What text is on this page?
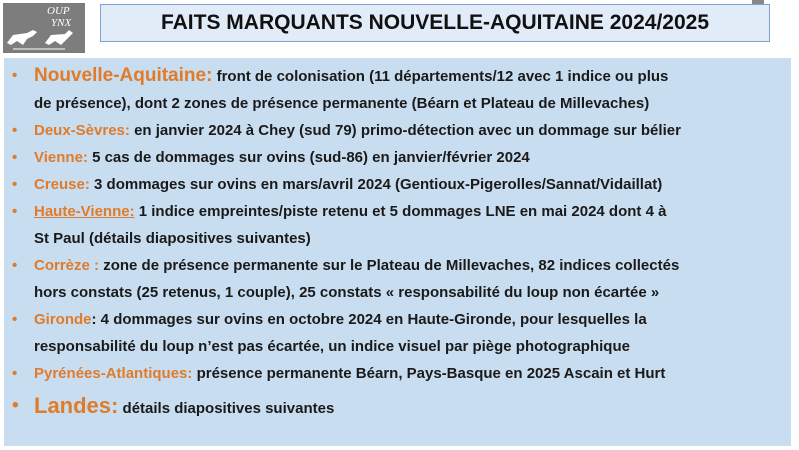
OUP
YNX	FAITS MARQUANTS NOUVELLE-AQUITAINE 2024/2025
• Nouvelle-Aquitaine: front de colonisation (11 départements/12 avec 1 indice ou plus
de présence), dont 2 zones de présence permanente (Béarn et Plateau de Millevaches)
•	Deux-Sèvres: en janvier 2024 à Chey (sud 79) primo-détection avec un dommage sur bélier
•	Vienne: 5 cas de dommages sur ovins (sud-86) en janvier/février 2024
•	Creuse: 3 dommages sur ovins en mars/avril 2024 (Gentioux-Pigerolles/Sannat/Vidaillat)
•	Haute-Vienne: 1 indice empreintes/piste retenu et 5 dommages LNE en mai 2024 dont 4 à
St Paul (détails diapositives suivantes)
•	Corrèze : zone de présence permanente sur le Plateau de Millevaches, 82 indices collectés
hors constats (25 retenus, 1 couple), 25 constats « responsabilité du loup non écartée »
•	Gironde: 4 dommages sur ovins en octobre 2024 en Haute-Gironde, pour lesquelles la
responsabilité du loup n’est pas écartée, un indice visuel par piège photographique
•	Pyrénées-Atlantiques: présence permanente Béarn, Pays-Basque en 2025 Ascain et Hurt
• Landes: détails diapositives suivantes
